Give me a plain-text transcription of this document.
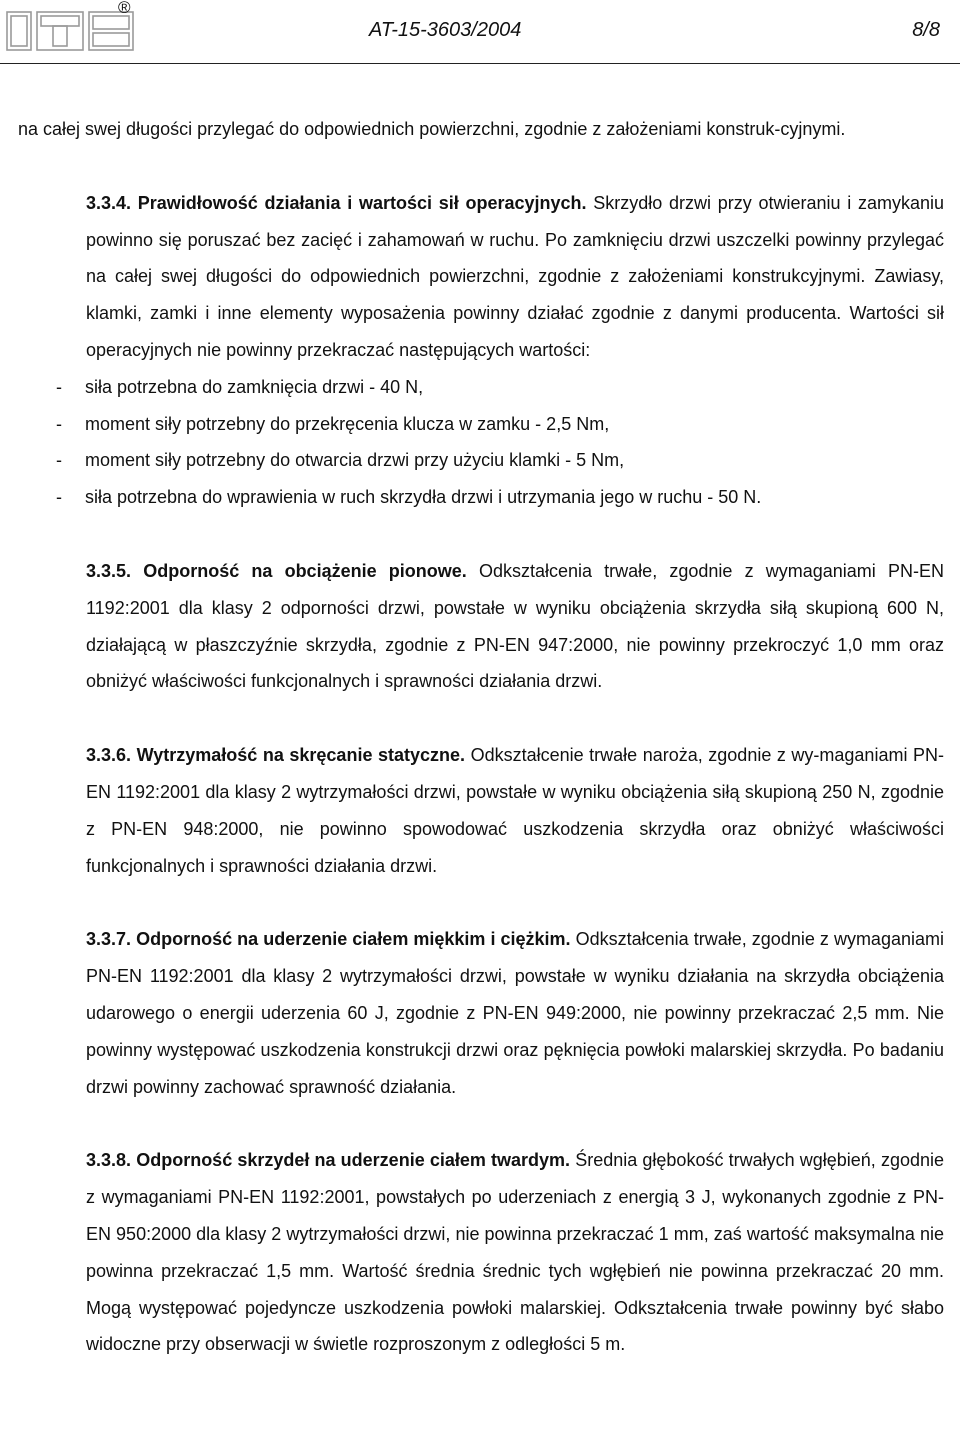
®
AT-15-3603/2004	8/8

na całej swej długości przylegać do odpowiednich powierzchni, zgodnie z założeniami konstruk-cyjnymi.

3.3.4. Prawidłowość działania i wartości sił operacyjnych. Skrzydło drzwi przy otwieraniu i zamykaniu powinno się poruszać bez zacięć i zahamowań w ruchu. Po zamknięciu drzwi uszczelki powinny przylegać na całej swej długości do odpowiednich powierzchni, zgodnie z założeniami konstrukcyjnymi. Zawiasy, klamki, zamki i inne elementy wyposażenia powinny działać zgodnie z danymi producenta. Wartości sił operacyjnych nie powinny przekraczać następujących wartości:

- siła potrzebna do zamknięcia drzwi - 40 N,
- moment siły potrzebny do przekręcenia klucza w zamku - 2,5 Nm,
- moment siły potrzebny do otwarcia drzwi przy użyciu klamki - 5 Nm,
- siła potrzebna do wprawienia w ruch skrzydła drzwi i utrzymania jego w ruchu - 50 N.

3.3.5. Odporność na obciążenie pionowe. Odkształcenia trwałe, zgodnie z wymaganiami PN-EN 1192:2001 dla klasy 2 odporności drzwi, powstałe w wyniku obciążenia skrzydła siłą skupioną 600 N, działającą w płaszczyźnie skrzydła, zgodnie z PN-EN 947:2000, nie powinny przekroczyć 1,0 mm oraz obniżyć właściwości funkcjonalnych i sprawności działania drzwi.

3.3.6. Wytrzymałość na skręcanie statyczne. Odkształcenie trwałe naroża, zgodnie z wy-maganiami PN-EN 1192:2001 dla klasy 2 wytrzymałości drzwi, powstałe w wyniku obciążenia siłą skupioną 250 N, zgodnie z PN-EN 948:2000, nie powinno spowodować uszkodzenia skrzydła oraz obniżyć właściwości funkcjonalnych i sprawności działania drzwi.

3.3.7. Odporność na uderzenie ciałem miękkim i ciężkim. Odkształcenia trwałe, zgodnie z wymaganiami PN-EN 1192:2001 dla klasy 2 wytrzymałości drzwi, powstałe w wyniku działania na skrzydła obciążenia udarowego o energii uderzenia 60 J, zgodnie z PN-EN 949:2000, nie powinny przekraczać 2,5 mm. Nie powinny występować uszkodzenia konstrukcji drzwi oraz pęknięcia powłoki malarskiej skrzydła. Po badaniu drzwi powinny zachować sprawność działania.

3.3.8. Odporność skrzydeł na uderzenie ciałem twardym. Średnia głębokość trwałych wgłębień, zgodnie z wymaganiami PN-EN 1192:2001, powstałych po uderzeniach z energią 3 J, wykonanych zgodnie z PN-EN 950:2000 dla klasy 2 wytrzymałości drzwi, nie powinna przekraczać 1 mm, zaś wartość maksymalna nie powinna przekraczać 1,5 mm. Wartość średnia średnic tych wgłębień nie powinna przekraczać 20 mm. Mogą występować pojedyncze uszkodzenia powłoki malarskiej. Odkształcenia trwałe powinny być słabo widoczne przy obserwacji w świetle rozproszonym z odległości 5 m.
